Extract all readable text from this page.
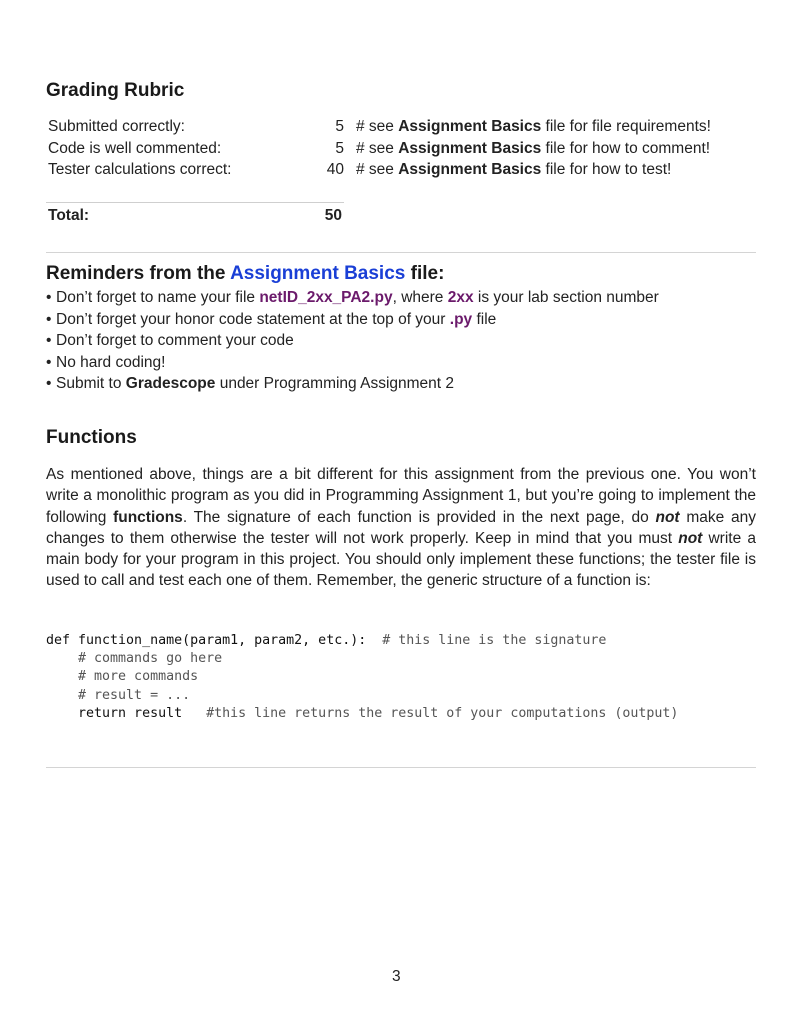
Grading Rubric
Submitted correctly:	5	# see Assignment Basics file for file requirements!
Code is well commented:	5	# see Assignment Basics file for how to comment!
Tester calculations correct:	40	# see Assignment Basics file for how to test!
Total:	50
Reminders from the Assignment Basics file:
• Don’t forget to name your file netID_2xx_PA2.py, where 2xx is your lab section number
• Don’t forget your honor code statement at the top of your .py file
• Don’t forget to comment your code
• No hard coding!
• Submit to Gradescope under Programming Assignment 2
Functions

As mentioned above, things are a bit different for this assignment from the previous one. You won’t write a monolithic program as you did in Programming Assignment 1, but you’re going to implement the following functions. The signature of each function is provided in the next page, do not make any changes to them otherwise the tester will not work properly. Keep in mind that you must not write a main body for your program in this project. You should only implement these functions; the tester file is used to call and test each one of them. Remember, the generic structure of a function is:

def function_name(param1, param2, etc.):  # this line is the signature
# commands go here
# more commands
# result = ...
return result   #this line returns the result of your computations (output)
3
